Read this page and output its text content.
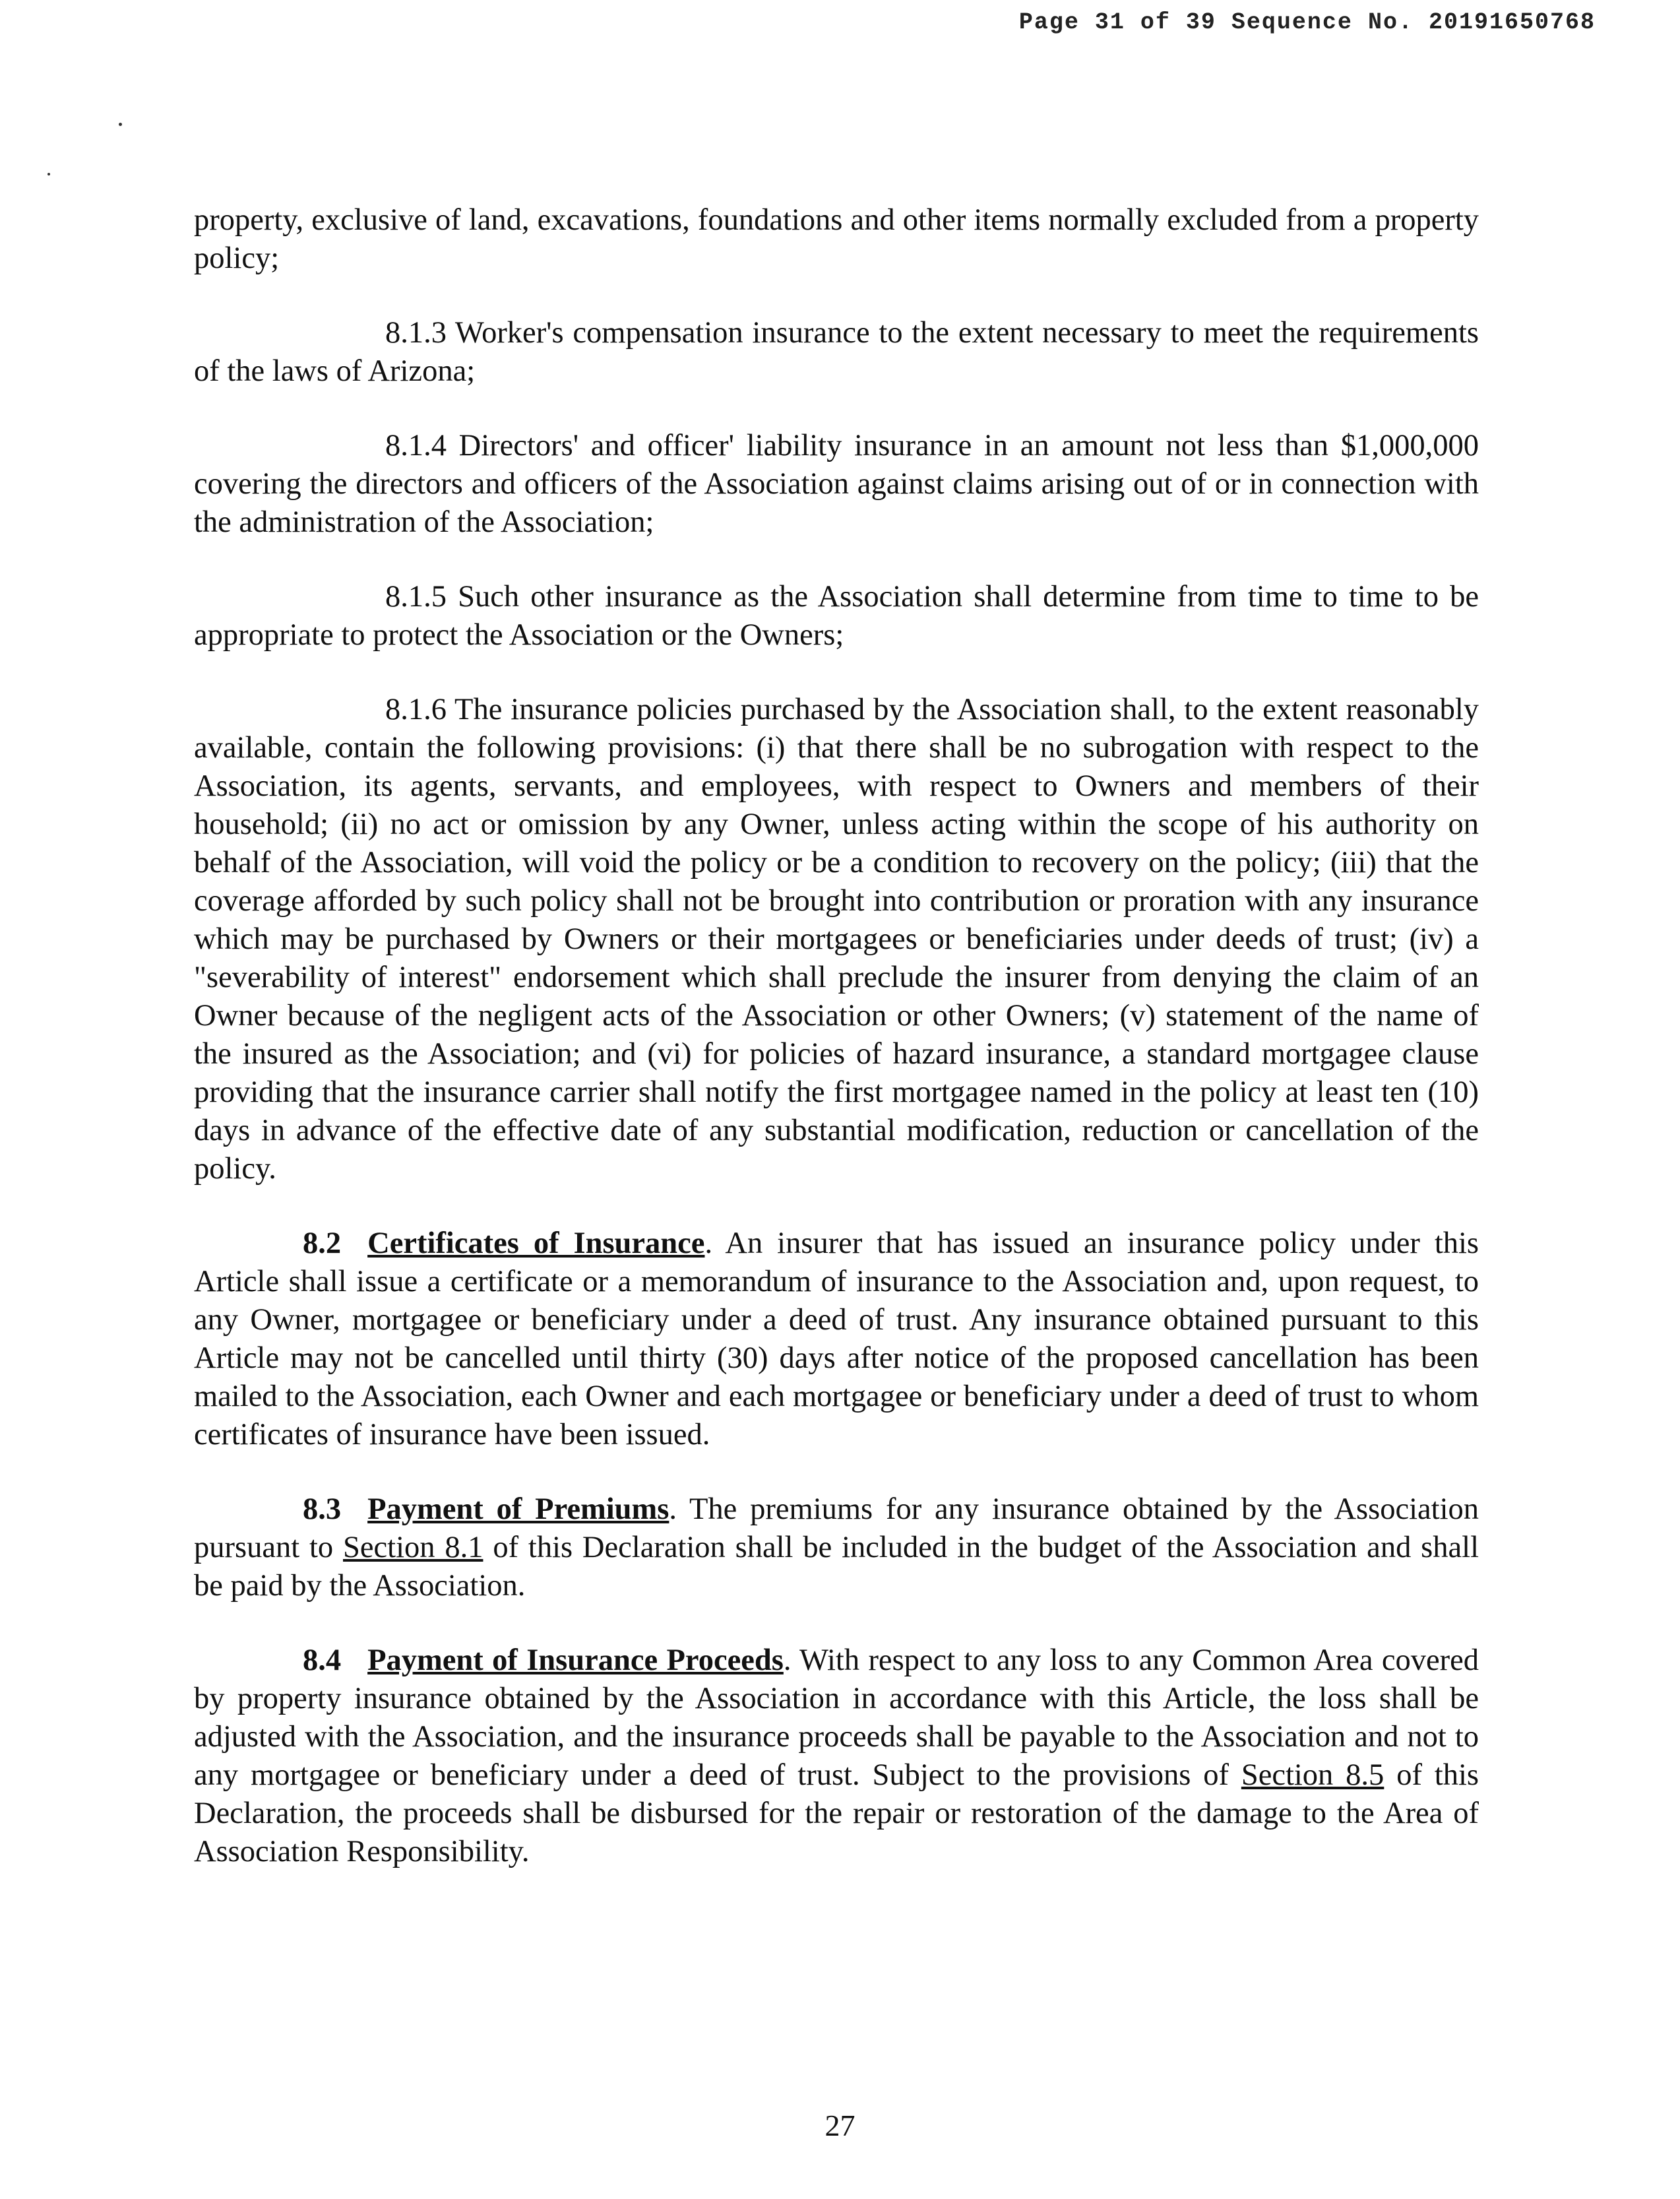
Page 31 of 39 Sequence No. 20191650768

property, exclusive of land, excavations, foundations and other items normally excluded from a property policy;

8.1.3 Worker's compensation insurance to the extent necessary to meet the requirements of the laws of Arizona;

8.1.4 Directors' and officer' liability insurance in an amount not less than $1,000,000 covering the directors and officers of the Association against claims arising out of or in connection with the administration of the Association;

8.1.5 Such other insurance as the Association shall determine from time to time to be appropriate to protect the Association or the Owners;

8.1.6 The insurance policies purchased by the Association shall, to the extent reasonably available, contain the following provisions: (i) that there shall be no subrogation with respect to the Association, its agents, servants, and employees, with respect to Owners and members of their household; (ii) no act or omission by any Owner, unless acting within the scope of his authority on behalf of the Association, will void the policy or be a condition to recovery on the policy; (iii) that the coverage afforded by such policy shall not be brought into contribution or proration with any insurance which may be purchased by Owners or their mortgagees or beneficiaries under deeds of trust; (iv) a "severability of interest" endorsement which shall preclude the insurer from denying the claim of an Owner because of the negligent acts of the Association or other Owners; (v) statement of the name of the insured as the Association; and (vi) for policies of hazard insurance, a standard mortgagee clause providing that the insurance carrier shall notify the first mortgagee named in the policy at least ten (10) days in advance of the effective date of any substantial modification, reduction or cancellation of the policy.

8.2 Certificates of Insurance. An insurer that has issued an insurance policy under this Article shall issue a certificate or a memorandum of insurance to the Association and, upon request, to any Owner, mortgagee or beneficiary under a deed of trust. Any insurance obtained pursuant to this Article may not be cancelled until thirty (30) days after notice of the proposed cancellation has been mailed to the Association, each Owner and each mortgagee or beneficiary under a deed of trust to whom certificates of insurance have been issued.

8.3 Payment of Premiums. The premiums for any insurance obtained by the Association pursuant to Section 8.1 of this Declaration shall be included in the budget of the Association and shall be paid by the Association.

8.4 Payment of Insurance Proceeds. With respect to any loss to any Common Area covered by property insurance obtained by the Association in accordance with this Article, the loss shall be adjusted with the Association, and the insurance proceeds shall be payable to the Association and not to any mortgagee or beneficiary under a deed of trust. Subject to the provisions of Section 8.5 of this Declaration, the proceeds shall be disbursed for the repair or restoration of the damage to the Area of Association Responsibility.

27
